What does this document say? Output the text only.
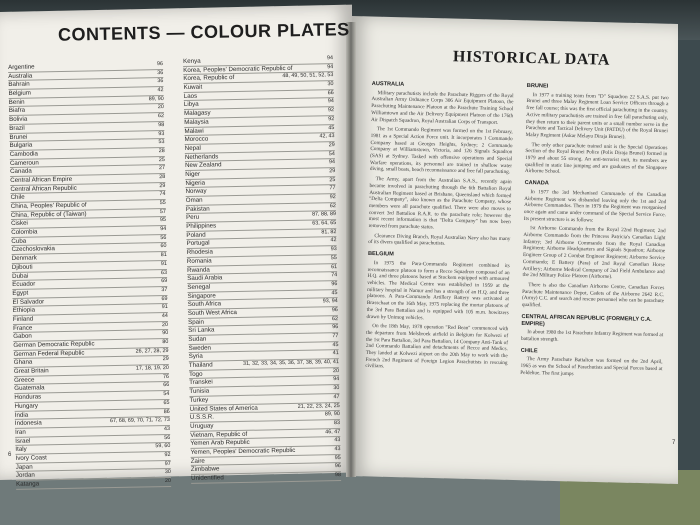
CONTENTS — COLOUR PLATES
Argentine	96
Australia	36
Bahrain	36
Belgium	42
Benin	89, 90
Biafra	20
Bolivia	62
Brazil	98
Brunei	93
Bulgaria	53
Cambodia	28
Cameroun	25
Canada	27
Central African Empire	28
Central African Republic	29
Chile	74
China, Peoples' Republic of	55
China, Republic of (Taiwan)	57
Ciskei	95
Colombia	94
Cuba	56
Czechoslovakia	60
Denmark	81
Djibouti	91
Dubai	63
Ecuador	69
Egypt	37
El Salvador	69
Ethiopia	91
Finland	44
France	20
Gabon	90
German Democratic Republic	80
German Federal Republic	26, 27, 28, 29
Ghana	29
Great Britain	17, 18, 19, 20
Greece	76
Guatemala	66
Honduras	54
Hungary	65
India	86
Indonesia	67, 68, 69, 70, 71, 72, 73
Iran	43
Israel	56
Italy	59, 60
Ivory Coast	92
Japan	97
Jordan	30
Katanga	20
Kenya	94
Korea, Peoples' Democratic Republic of	94
Korea, Republic of	48, 49, 50, 51, 52, 53
Kuwait	30
Laos	66
Libya	94
Malagasy	92
Malaysia	92
Malawi	45
Morocco	42, 43
Nepal	29
Netherlands	54
New Zealand	94
Niger	29
Nigeria	25
Norway	77
Oman	92
Pakistan	62
Peru	87, 88, 89
Philippines	63, 64, 65
Poland	81, 82
Portugal	42
Rhodesia	93
Romania	55
Rwanda	61
Saudi Arabia	74
Senegal	96
Singapore	45
South Africa	93, 94
South West Africa	96
Spain	62
Sri Lanka	96
Sudan	77
Sweden	45
Syria	41
Thailand	31, 32, 33, 34, 35, 36, 37, 38, 39, 40, 41
Togo	20
Transkei	94
Tunisia	30
Turkey	47
United States of America	21, 22, 23, 24, 25
U.S.S.R.	89, 90
Uruguay	83
Vietnam, Republic of	46, 47
Yemen Arab Republic	43
Yemen, Peoples' Democratic Republic	43
Zaire	95
Zimbabwe	96
Unidentified	98
6
HISTORICAL DATA
AUSTRALIA

Military parachutists include the Parachute Riggers of the Royal Australian Army Ordnance Corps 306 Air Equipment Platoon, the Parachuting Maintenance Platoon at the Parachute Training School Williamtown and the Air Delivery Equipment Platoon of the 176th Air Dispatch Squadron, Royal Australian Corps of Transport.

The 1st Commando Regiment was formed on the 1st February, 1981 as a Special Action Force unit. It incorporates 1 Commando Company based at Georges Heights, Sydney; 2 Commando Company at Williamstown, Victoria, and 126 Signals Squadron (SAS) at Sydney. Tasked with offensive operations and Special Warfare operations, its personnel are trained in shallow water diving, small boats, beach reconnaissance and free fall parachuting.

The Army, apart from the Australian S.A.S., recently again became involved in parachuting through the 6th Battalion Royal Australian Regiment based at Brisbane, Queensland which formed "Delta Company", also known as the Parachute Company, whose members were all parachute qualified. There were also moves to convert 3rd Battalion R.A.R. to the parachute role; however the most recent information is that "Delta Company" has now been removed from parachute status.

Clearance Diving Branch, Royal Australian Navy also has many of its divers qualified as parachutists.

BELGIUM

In 1975 the Para-Commando Regiment combined its reconnaissance platoon to form a Recce Squadron composed of an H.Q. and three platoons based at Stockem equipped with armoured vehicles. The Medical Centre was established in 1959 at the military hospital in Namur and has a strength of an H.Q. and three platoons. A Para-Commando Artillery Battery was activated at Brasschaat on the 16th May, 1975 replacing the mortar platoons of the 3rd Para Battalion and is equipped with 105 m.m. howitzers drawn by Unimog vehicles.

On the 18th May, 1978 operation "Red Bean" commenced with the departure from Melsbroek airfield in Belgium for Kolwezi of the 1st Para Battalion, 3rd Para Battalion, 14 Company Anti-Tank of 2nd Commando Battalion and detachments of Recce and Medics. They landed at Kolwezi airport on the 20th May to work with the French 2nd Regiment of Foreign Legion Parachutists in rescuing civilians.

BRUNEI

In 1977 a training team from "D" Squadron 22 S.A.S. put two Brunei and three Malay Regiment Loan Service Officers through a free fall course; this was the first official parachuting in the country. Active military parachutists are trained in free fall parachuting only, they then return to their parent units or a small number serve in the Parachute and Tactical Delivery Unit (PATDU) of the Royal Brunei Malay Regiment (Askar Melayu Diraja Brunei).

The only other parachute trained unit is the Special Operations Section of the Royal Brunei Police (Polis Diraja Brunei) formed in 1979 and about 55 strong. An anti-terrorist unit, its members are qualified in static line jumping and are graduates of the Singapore Airborne School.

CANADA

In 1977 the 3rd Mechanised Commando of the Canadian Airborne Regiment was disbanded leaving only the 1st and 2nd Airborne Commandos. Then in 1979 the Regiment was reorganised once again and came under command of the Special Service Force. Its present structure is as follows:

1st Airborne Commando from the Royal 22nd Regiment; 2nd Airborne Commando from the Princess Patricia's Canadian Light Infantry; 3rd Airborne Commando from the Royal Canadian Regiment; Airborne Headquarters and Signals Squadron; Airborne Engineer Group of 2 Combat Engineer Regiment; Airborne Service Commando; E Battery (Para) of 2nd Royal Canadian Horse Artillery; Airborne Medical Company of 2nd Field Ambulance and the 2nd Military Police Platoon (Airborne).

There is also the Canadian Airborne Centre, Canadian Forces Parachute Maintenance Depot, Cadets of the Airborne 2642 R.C. (Army) C.C. and search and rescue personnel who can be parachute qualified.

CENTRAL AFRICAN REPUBLIC (FORMERLY C.A. EMPIRE)

In about 1980 the 1st Parachute Infantry Regiment was formed at battalion strength.

CHILE

The Army Parachute Battalion was formed on the 2nd April, 1965 as was the School of Parachutists and Special Forces based at Peldehue. The first jumps

7
